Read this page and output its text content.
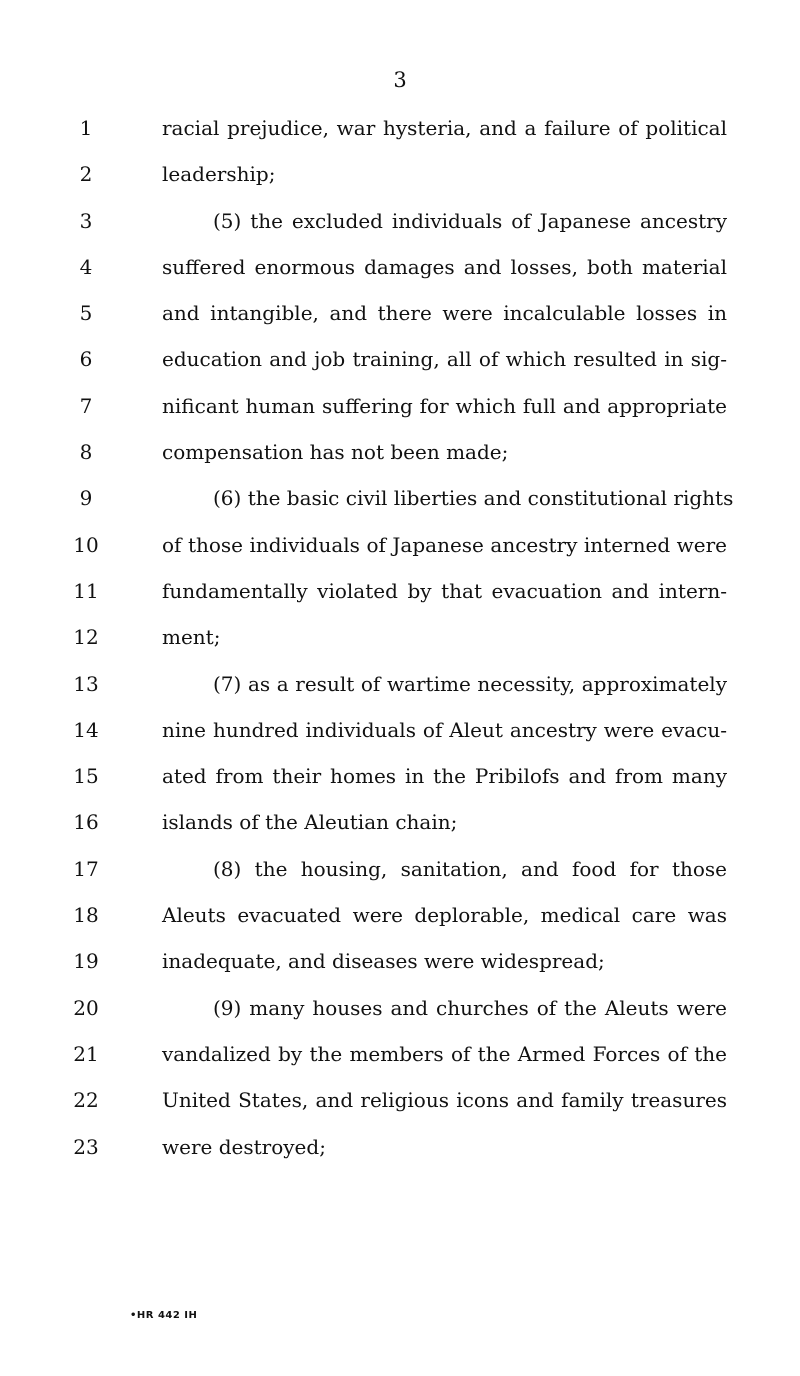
3
1	racial prejudice, war hysteria, and a failure of political
2	leadership;
3	(5) the excluded individuals of Japanese ancestry
4	suffered enormous damages and losses, both material
5	and intangible, and there were incalculable losses in
6	education and job training, all of which resulted in sig-
7	nificant human suffering for which full and appropriate
8	compensation has not been made;
9	(6) the basic civil liberties and constitutional rights
10	of those individuals of Japanese ancestry interned were
11	fundamentally violated by that evacuation and intern-
12	ment;
13	(7) as a result of wartime necessity, approximately
14	nine hundred individuals of Aleut ancestry were evacu-
15	ated from their homes in the Pribilofs and from many
16	islands of the Aleutian chain;
17	(8) the housing, sanitation, and food for those
18	Aleuts evacuated were deplorable, medical care was
19	inadequate, and diseases were widespread;
20	(9) many houses and churches of the Aleuts were
21	vandalized by the members of the Armed Forces of the
22	United States, and religious icons and family treasures
23	were destroyed;
•HR 442 IH
